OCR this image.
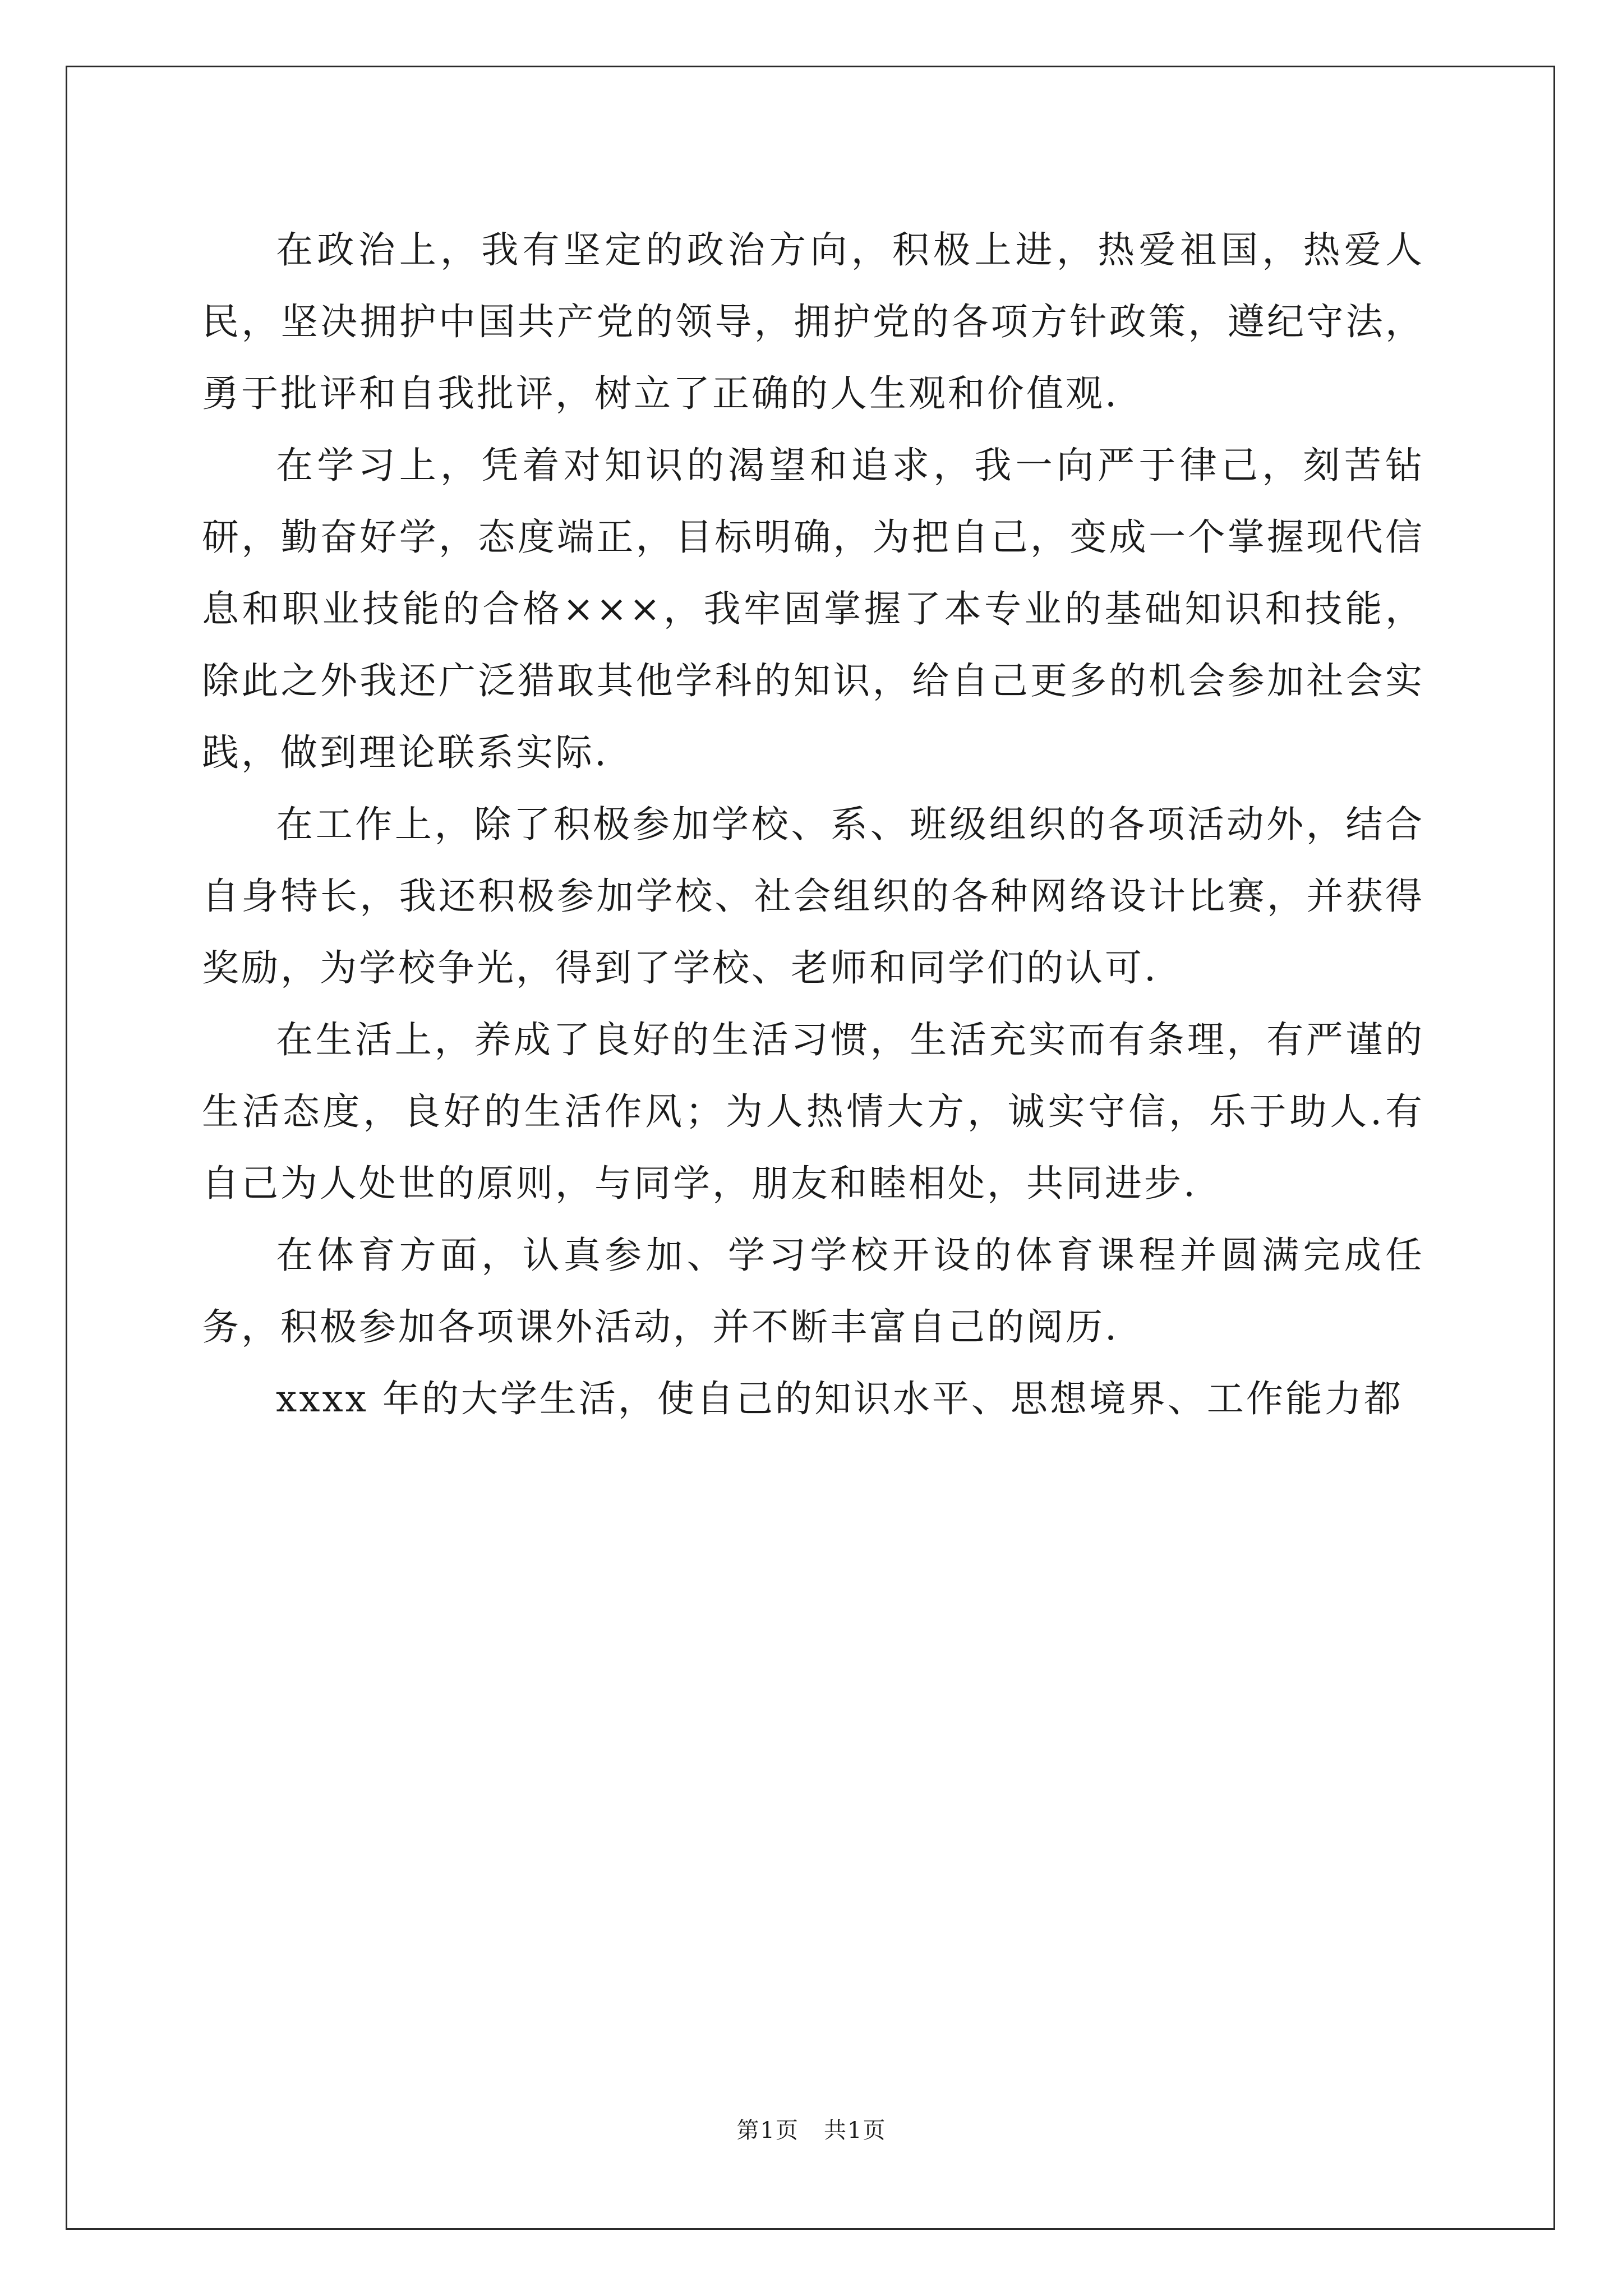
在政治上，我有坚定的政治方向，积极上进，热爱祖国，热爱人民，坚决拥护中国共产党的领导，拥护党的各项方针政策，遵纪守法，勇于批评和自我批评，树立了正确的人生观和价值观.

在学习上，凭着对知识的渴望和追求，我一向严于律己，刻苦钻研，勤奋好学，态度端正，目标明确，为把自己，变成一个掌握现代信息和职业技能的合格×××，我牢固掌握了本专业的基础知识和技能，除此之外我还广泛猎取其他学科的知识，给自己更多的机会参加社会实践，做到理论联系实际.

在工作上，除了积极参加学校、系、班级组织的各项活动外，结合自身特长，我还积极参加学校、社会组织的各种网络设计比赛，并获得奖励，为学校争光，得到了学校、老师和同学们的认可.

在生活上，养成了良好的生活习惯，生活充实而有条理，有严谨的生活态度，良好的生活作风；为人热情大方，诚实守信，乐于助人.有自己为人处世的原则，与同学，朋友和睦相处，共同进步.

在体育方面，认真参加、学习学校开设的体育课程并圆满完成任务，积极参加各项课外活动，并不断丰富自己的阅历.

xxxx 年的大学生活，使自己的知识水平、思想境界、工作能力都

第1页 共1页
